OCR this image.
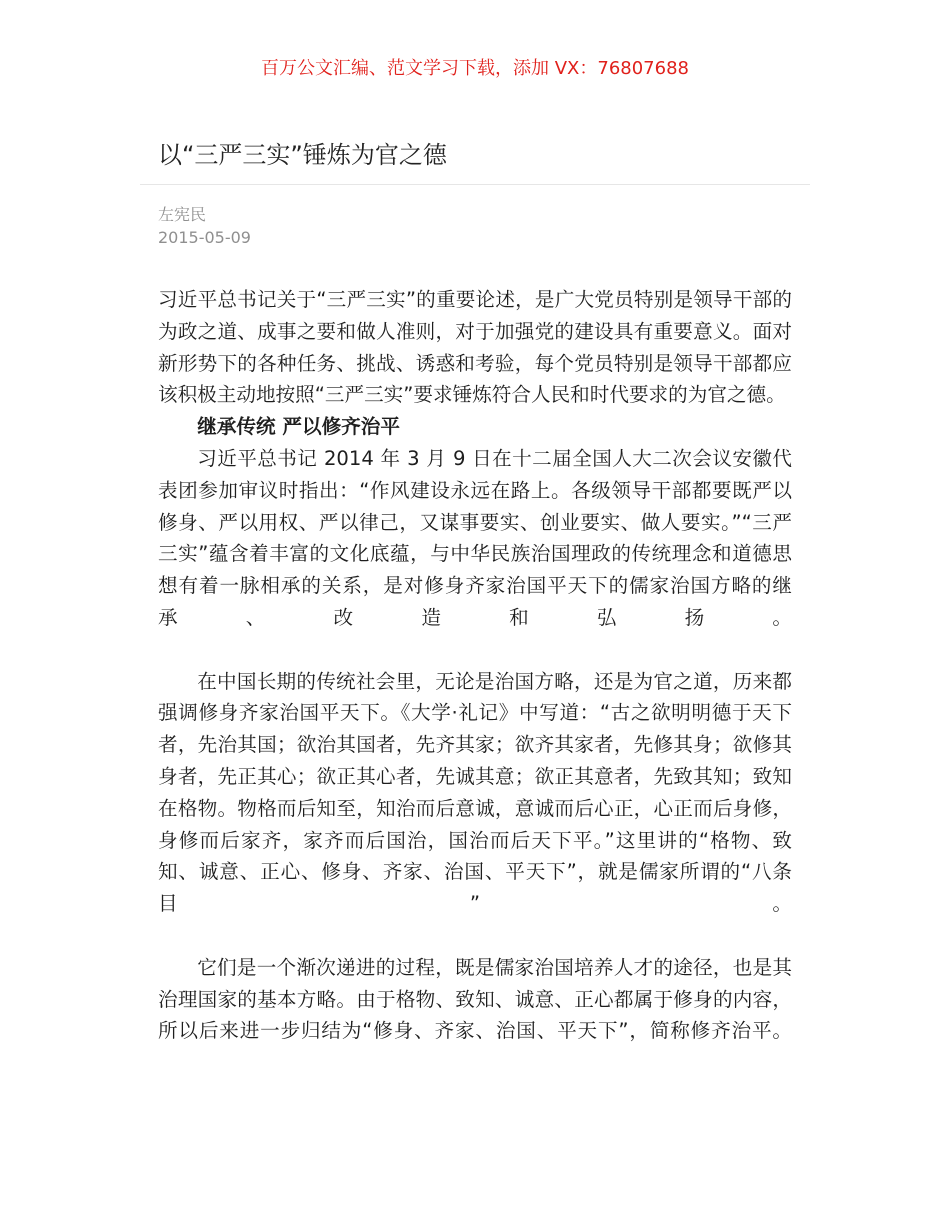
百万公文汇编、范文学习下载，添加 VX：76807688
以“三严三实”锤炼为官之德
左宪民
2015-05-09

习近平总书记关于“三严三实”的重要论述，是广大党员特别是领导干部的为政之道、成事之要和做人准则，对于加强党的建设具有重要意义。面对新形势下的各种任务、挑战、诱惑和考验，每个党员特别是领导干部都应该积极主动地按照“三严三实”要求锤炼符合人民和时代要求的为官之德。

继承传统 严以修齐治平

习近平总书记 2014 年 3 月 9 日在十二届全国人大二次会议安徽代表团参加审议时指出：“作风建设永远在路上。各级领导干部都要既严以修身、严以用权、严以律己，又谋事要实、创业要实、做人要实。”“三严三实”蕴含着丰富的文化底蕴，与中华民族治国理政的传统理念和道德思想有着一脉相承的关系，是对修身齐家治国平天下的儒家治国方略的继承、改造和弘扬。

在中国长期的传统社会里，无论是治国方略，还是为官之道，历来都强调修身齐家治国平天下。《大学·礼记》中写道：“古之欲明明德于天下者，先治其国；欲治其国者，先齐其家；欲齐其家者，先修其身；欲修其身者，先正其心；欲正其心者，先诚其意；欲正其意者，先致其知；致知在格物。物格而后知至，知治而后意诚，意诚而后心正，心正而后身修，身修而后家齐，家齐而后国治，国治而后天下平。”这里讲的“格物、致知、诚意、正心、修身、齐家、治国、平天下”，就是儒家所谓的“八条目”。

它们是一个渐次递进的过程，既是儒家治国培养人才的途径，也是其治理国家的基本方略。由于格物、致知、诚意、正心都属于修身的内容，所以后来进一步归结为“修身、齐家、治国、平天下”，简称修齐治平。
